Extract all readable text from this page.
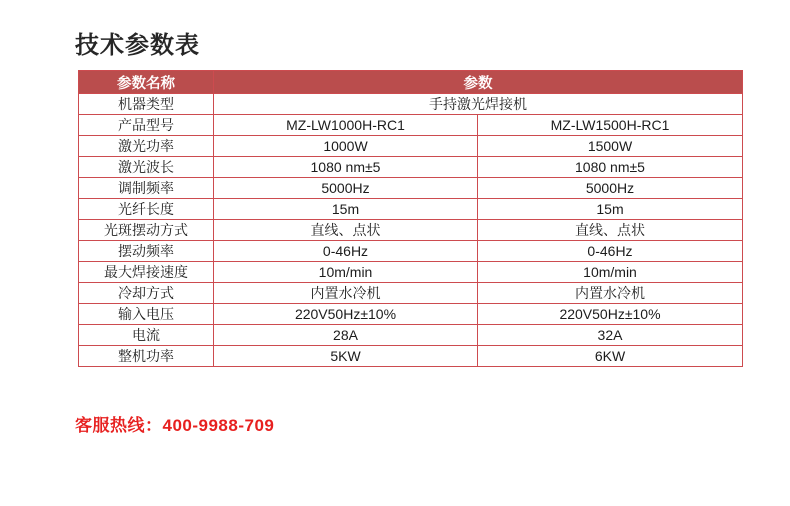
技术参数表
参数名称	参数	
机器类型	手持激光焊接机	
产品型号	MZ-LW1000H-RC1	MZ-LW1500H-RC1
激光功率	1000W	1500W
激光波长	1080 nm±5	1080 nm±5
调制频率	5000Hz	5000Hz
光纤长度	15m	15m
光斑摆动方式	直线、点状	直线、点状
摆动频率	0-46Hz	0-46Hz
最大焊接速度	10m/min	10m/min
冷却方式	内置水冷机	内置水冷机
输入电压	220V50Hz±10%	220V50Hz±10%
电流	28A	32A
整机功率	5KW	6KW
客服热线：400-9988-709
